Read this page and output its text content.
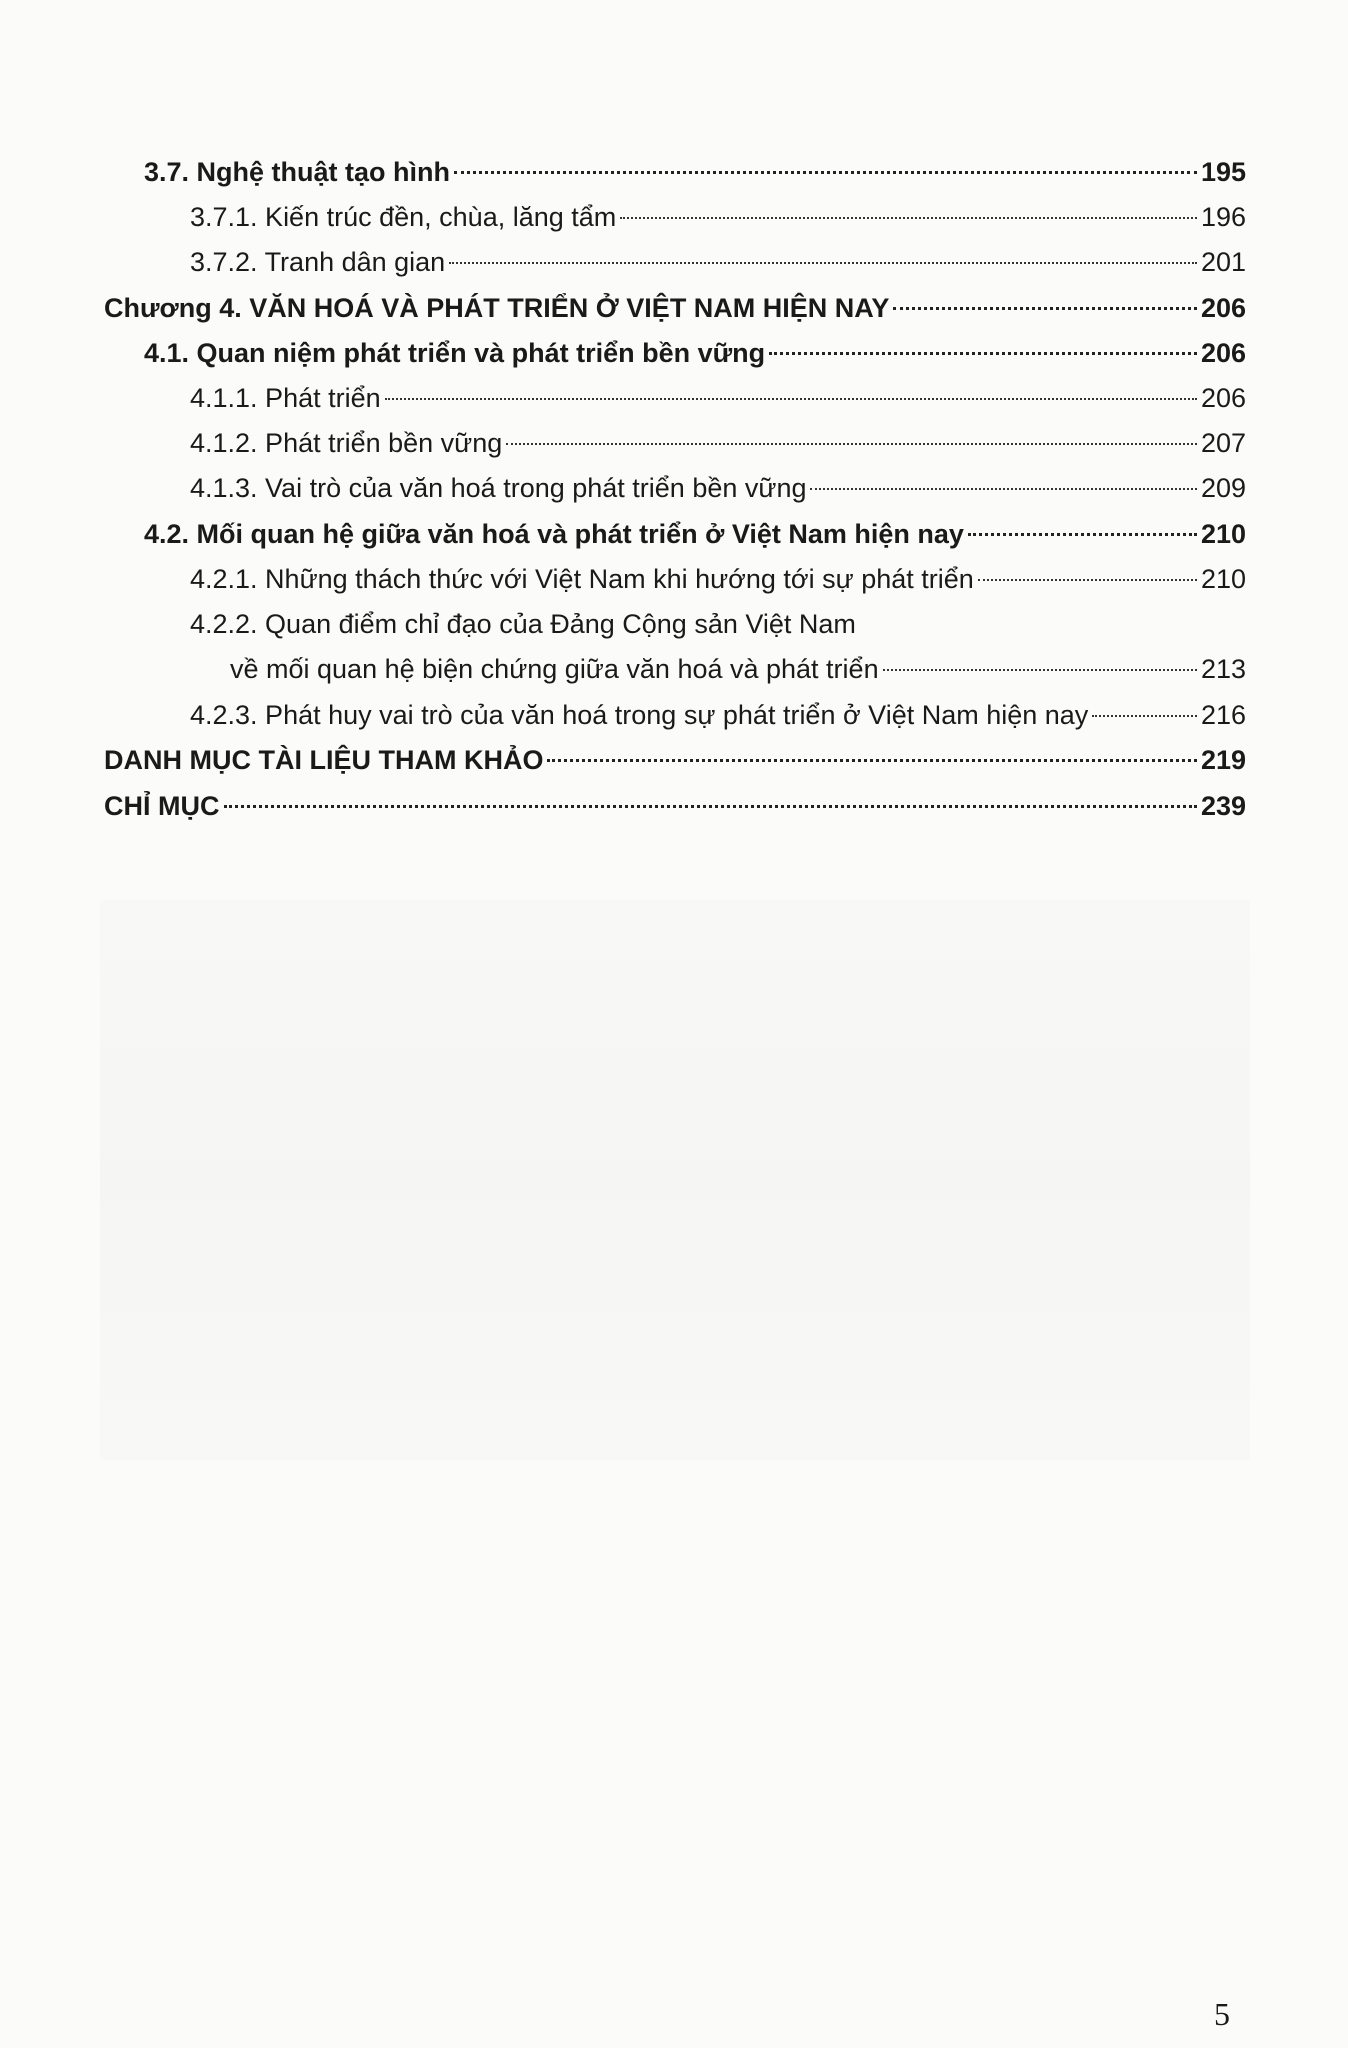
3.7. Nghệ thuật tạo hình	195
3.7.1. Kiến trúc đền, chùa, lăng tẩm	196
3.7.2. Tranh dân gian	201
Chương 4. VĂN HOÁ VÀ PHÁT TRIỂN Ở VIỆT NAM HIỆN NAY	206
4.1. Quan niệm phát triển và phát triển bền vững	206
4.1.1. Phát triển	206
4.1.2. Phát triển bền vững	207
4.1.3. Vai trò của văn hoá trong phát triển bền vững	209
4.2. Mối quan hệ giữa văn hoá và phát triển ở Việt Nam hiện nay	210
4.2.1. Những thách thức với Việt Nam khi hướng tới sự phát triển	210
4.2.2. Quan điểm chỉ đạo của Đảng Cộng sản Việt Nam
về mối quan hệ biện chứng giữa văn hoá và phát triển	213
4.2.3. Phát huy vai trò của văn hoá trong sự phát triển ở Việt Nam hiện nay	216
DANH MỤC TÀI LIỆU THAM KHẢO	219
CHỈ MỤC	239
5
